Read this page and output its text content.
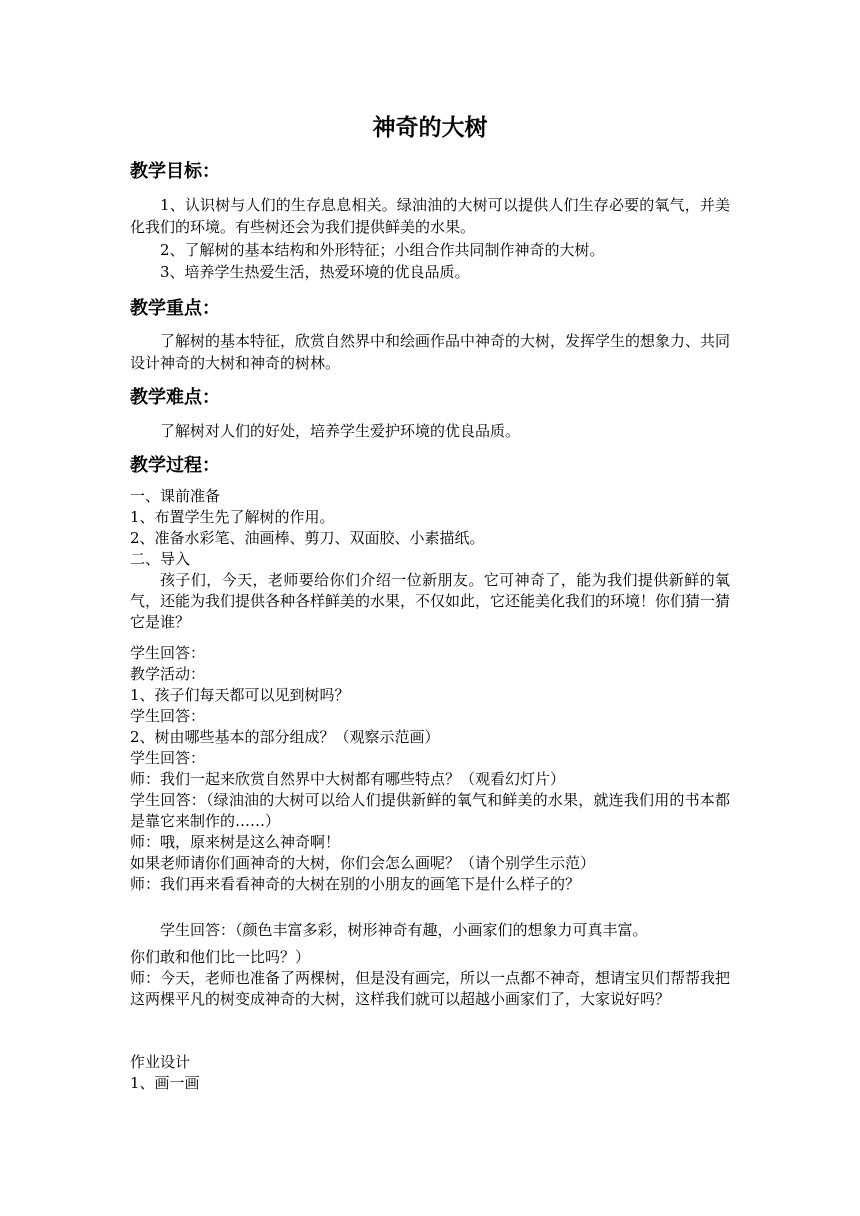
神奇的大树
教学目标：
1、认识树与人们的生存息息相关。绿油油的大树可以提供人们生存必要的氧气，并美化我们的环境。有些树还会为我们提供鲜美的水果。
2、了解树的基本结构和外形特征；小组合作共同制作神奇的大树。
3、培养学生热爱生活，热爱环境的优良品质。
教学重点：
了解树的基本特征，欣赏自然界中和绘画作品中神奇的大树，发挥学生的想象力、共同设计神奇的大树和神奇的树林。
教学难点：
了解树对人们的好处，培养学生爱护环境的优良品质。
教学过程：
一、课前准备
1、布置学生先了解树的作用。
2、准备水彩笔、油画棒、剪刀、双面胶、小素描纸。
二、导入
孩子们，今天，老师要给你们介绍一位新朋友。它可神奇了，能为我们提供新鲜的氧气，还能为我们提供各种各样鲜美的水果，不仅如此，它还能美化我们的环境！你们猜一猜它是谁？
学生回答：
教学活动：
1、孩子们每天都可以见到树吗？
学生回答：
2、树由哪些基本的部分组成？（观察示范画）
学生回答：
师：我们一起来欣赏自然界中大树都有哪些特点？（观看幻灯片）
学生回答：（绿油油的大树可以给人们提供新鲜的氧气和鲜美的水果，就连我们用的书本都是靠它来制作的……）
师：哦，原来树是这么神奇啊！
如果老师请你们画神奇的大树，你们会怎么画呢？（请个别学生示范）
师：我们再来看看神奇的大树在别的小朋友的画笔下是什么样子的？
学生回答：（颜色丰富多彩，树形神奇有趣，小画家们的想象力可真丰富。
你们敢和他们比一比吗？）
师：今天，老师也准备了两棵树，但是没有画完，所以一点都不神奇，想请宝贝们帮帮我把这两棵平凡的树变成神奇的大树，这样我们就可以超越小画家们了，大家说好吗？
作业设计
1、画一画
